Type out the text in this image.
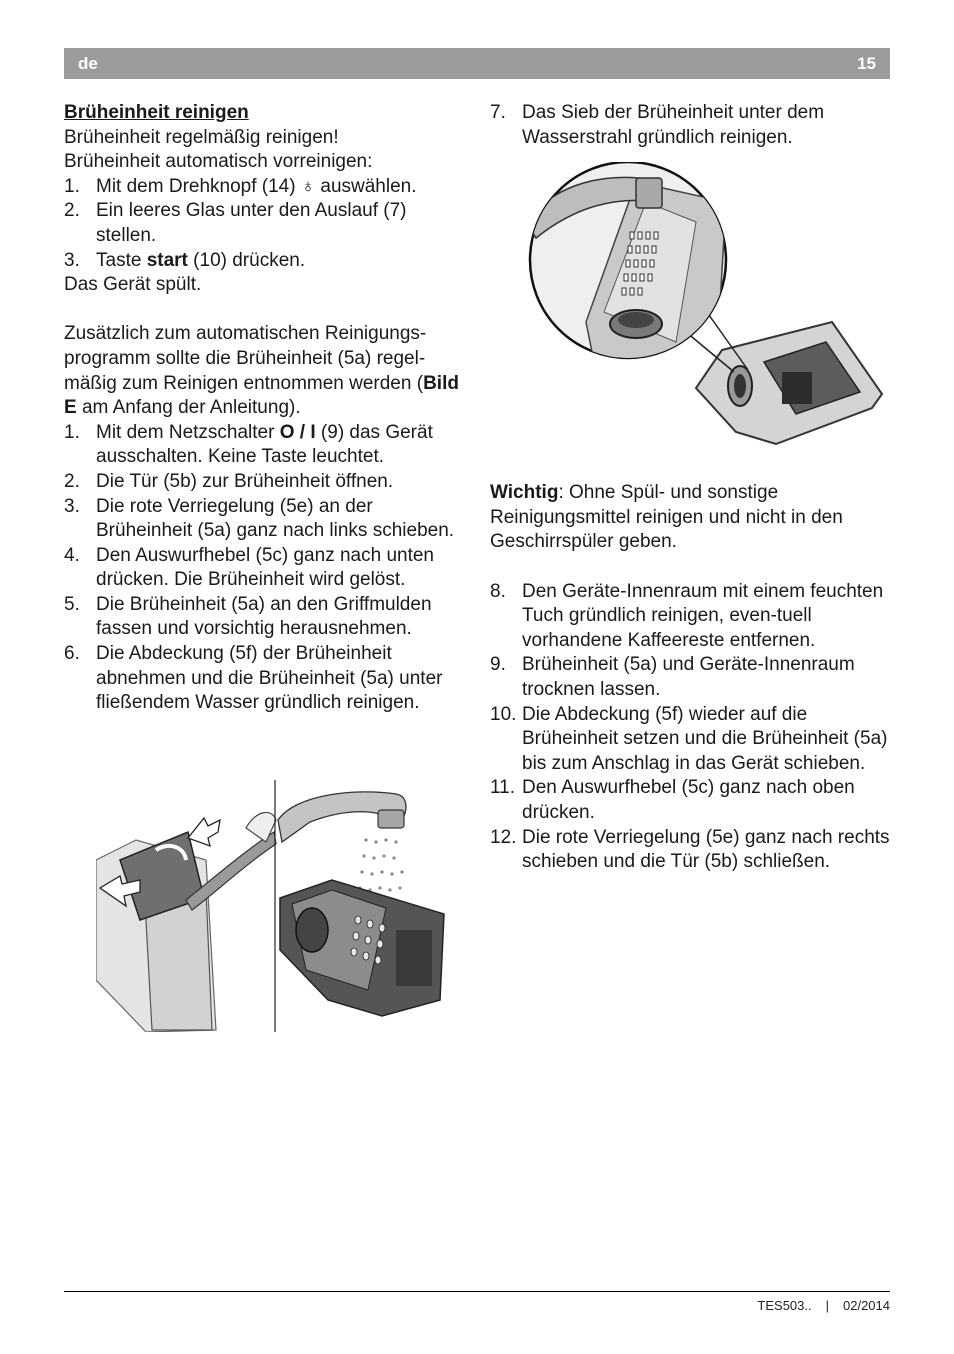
de	15

Brüheinheit reinigen

Brüheinheit regelmäßig reinigen!

Brüheinheit automatisch vorreinigen:

1. Mit dem Drehknopf (14) ♁ auswählen.
2. Ein leeres Glas unter den Auslauf (7) stellen.
3. Taste start (10) drücken.

Das Gerät spült.

Zusätzlich zum automatischen Reinigungs-programm sollte die Brüheinheit (5a) regel-mäßig zum Reinigen entnommen werden (Bild E am Anfang der Anleitung).

1. Mit dem Netzschalter O / I (9) das Gerät ausschalten. Keine Taste leuchtet.
2. Die Tür (5b) zur Brüheinheit öffnen.
3. Die rote Verriegelung (5e) an der Brüheinheit (5a) ganz nach links schieben.
4. Den Auswurfhebel (5c) ganz nach unten drücken. Die Brüheinheit wird gelöst.
5. Die Brüheinheit (5a) an den Griffmulden fassen und vorsichtig herausnehmen.
6. Die Abdeckung (5f) der Brüheinheit abnehmen und die Brüheinheit (5a) unter fließendem Wasser gründlich reinigen.
7. Das Sieb der Brüheinheit unter dem Wasserstrahl gründlich reinigen.

Wichtig: Ohne Spül- und sonstige Reinigungsmittel reinigen und nicht in den Geschirrspüler geben.

8. Den Geräte-Innenraum mit einem feuchten Tuch gründlich reinigen, even-tuell vorhandene Kaffeereste entfernen.
9. Brüheinheit (5a) und Geräte-Innenraum trocknen lassen.
10. Die Abdeckung (5f) wieder auf die Brüheinheit setzen und die Brüheinheit (5a) bis zum Anschlag in das Gerät schieben.
11. Den Auswurfhebel (5c) ganz nach oben drücken.
12. Die rote Verriegelung (5e) ganz nach rechts schieben und die Tür (5b) schließen.
TES503.. | 02/2014
